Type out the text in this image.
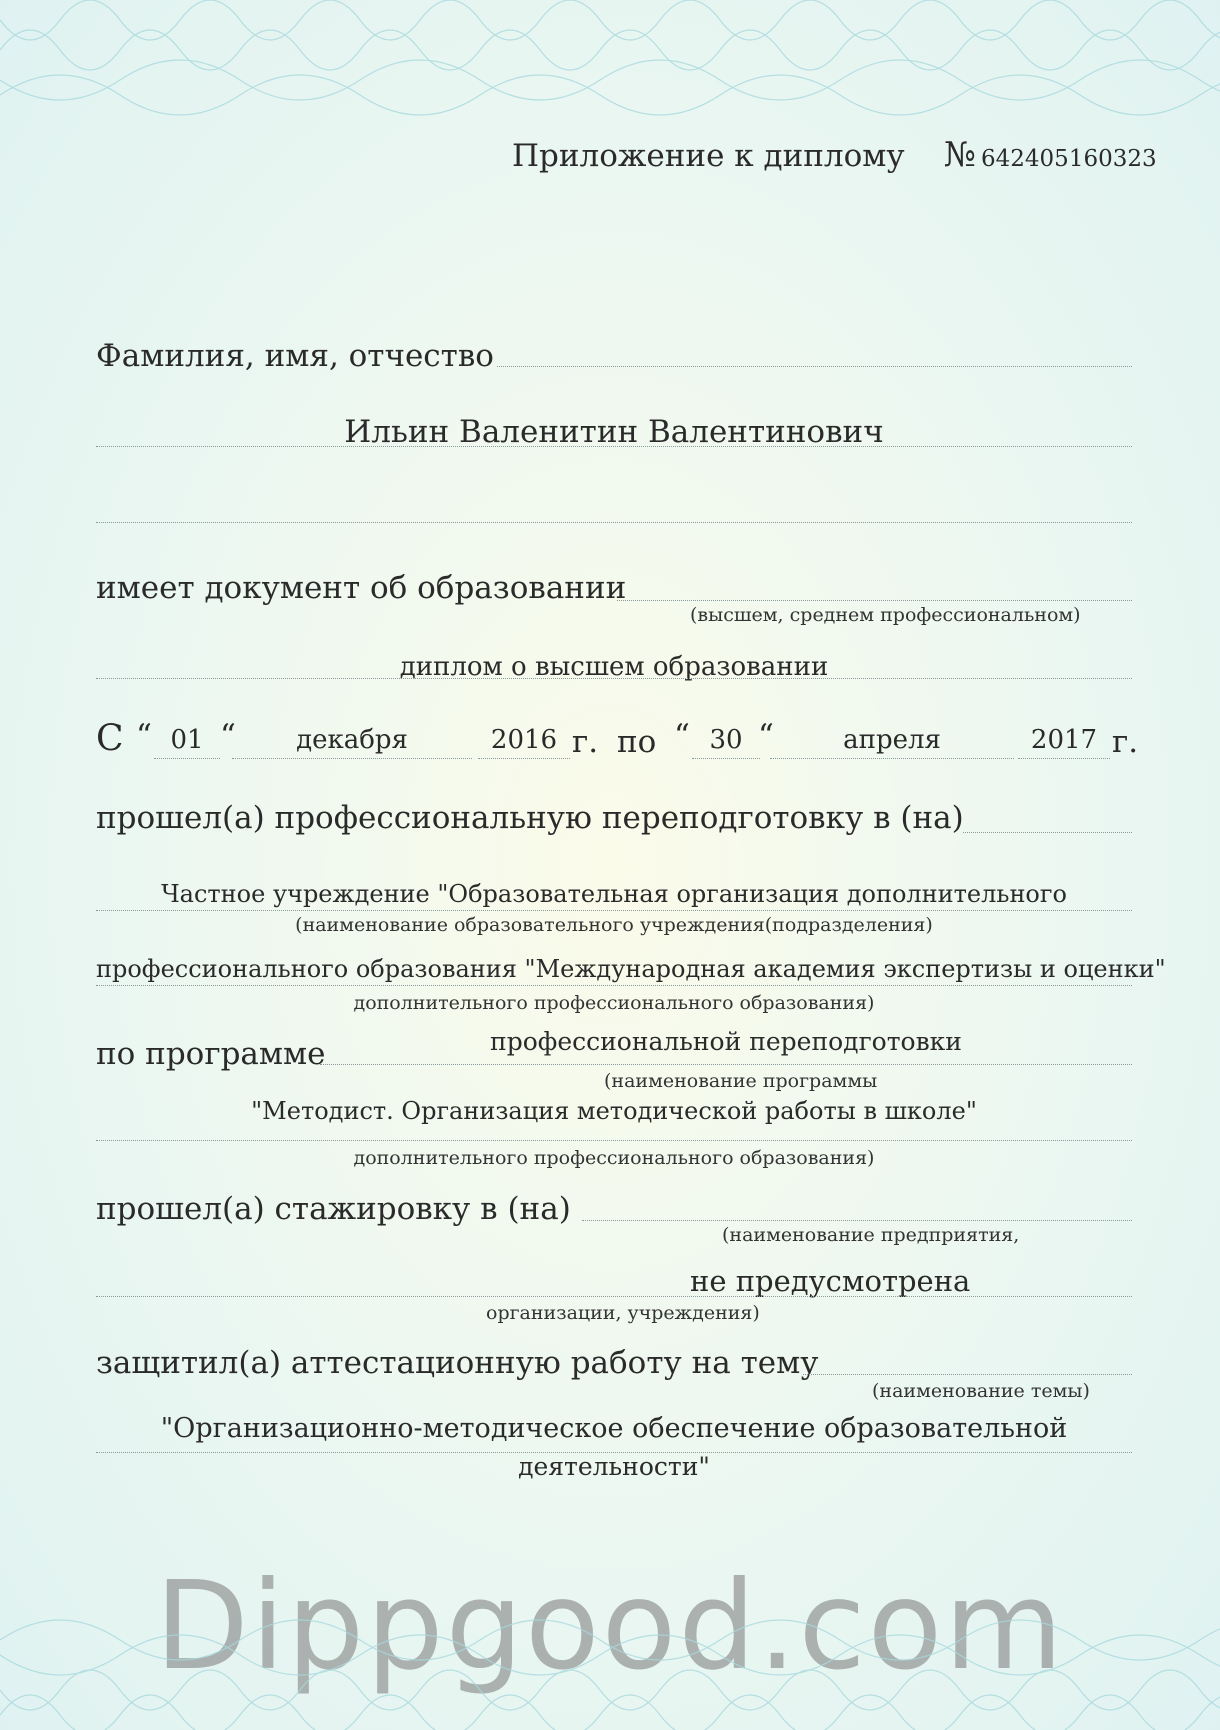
Приложение к диплому № 642405160323
Фамилия, имя, отчество
Ильин Валенитин Валентинович
имеет документ об образовании
(высшем, среднем профессиональном)
диплом о высшем образовании
С “ 01 “	декабря	2016 г. по “ 30 “	апреля	2017 г.
прошел(а) профессиональную переподготовку в (на)
Частное учреждение "Образовательная организация дополнительного
(наименование образовательного учреждения(подразделения)
профессионального образования "Международная академия экспертизы и оценки"
дополнительного профессионального образования)
по программе	профессиональной переподготовки
(наименование программы
"Методист. Организация методической работы в школе"
дополнительного профессионального образования)
прошел(а) стажировку в (на)
(наименование предприятия,
не предусмотрена
организации, учреждения)
защитил(а) аттестационную работу на тему
(наименование темы)
"Организационно-методическое обеспечение образовательной
деятельности"
Dippgood.com
